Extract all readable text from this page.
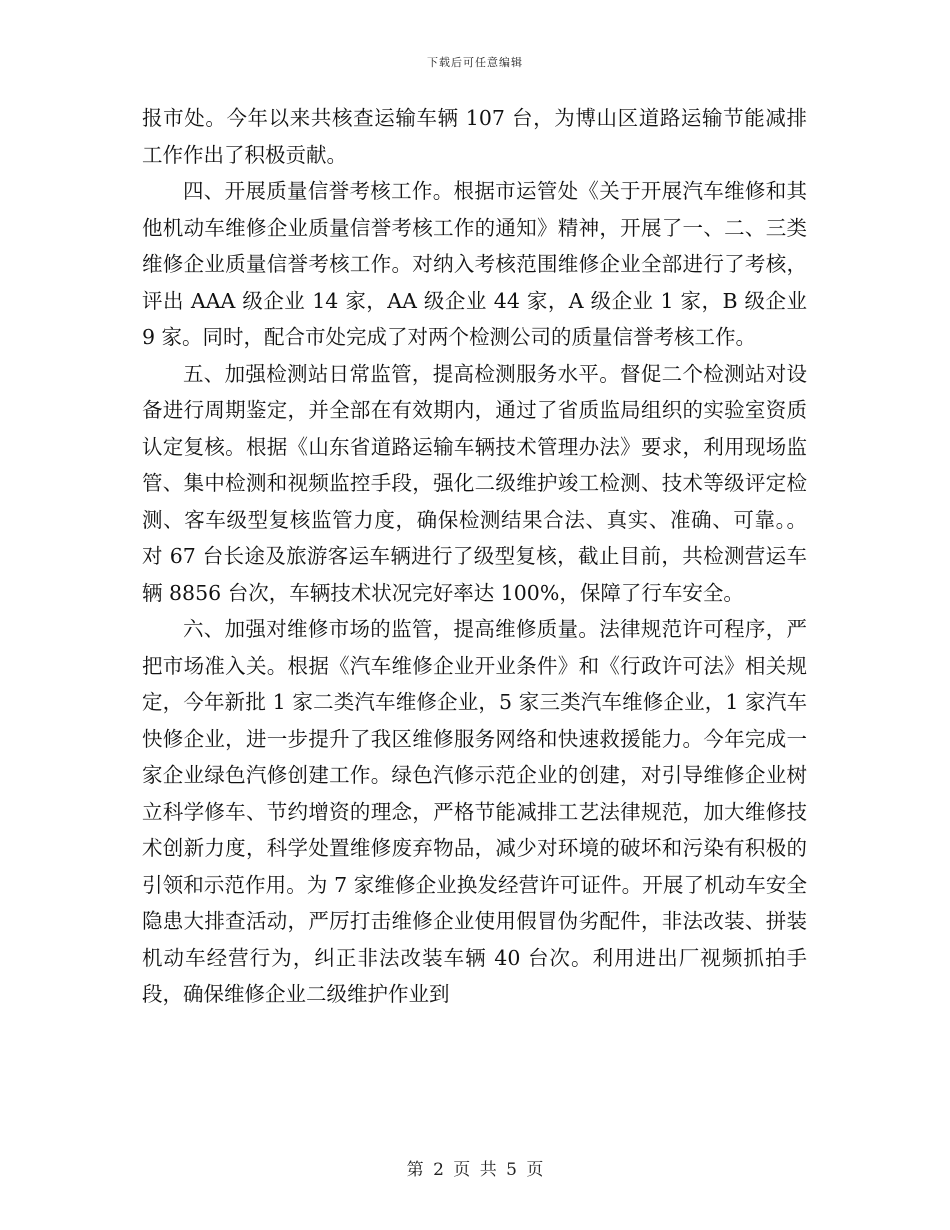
下载后可任意编辑

报市处。今年以来共核查运输车辆 107 台，为博山区道路运输节能减排工作作出了积极贡献。

四、开展质量信誉考核工作。根据市运管处《关于开展汽车维修和其他机动车维修企业质量信誉考核工作的通知》精神，开展了一、二、三类维修企业质量信誉考核工作。对纳入考核范围维修企业全部进行了考核，评出 AAA 级企业 14 家，AA 级企业 44 家，A 级企业 1 家，B 级企业 9 家。同时，配合市处完成了对两个检测公司的质量信誉考核工作。

五、加强检测站日常监管，提高检测服务水平。督促二个检测站对设备进行周期鉴定，并全部在有效期内，通过了省质监局组织的实验室资质认定复核。根据《山东省道路运输车辆技术管理办法》要求，利用现场监管、集中检测和视频监控手段，强化二级维护竣工检测、技术等级评定检测、客车级型复核监管力度，确保检测结果合法、真实、准确、可靠。。对 67 台长途及旅游客运车辆进行了级型复核，截止目前，共检测营运车辆 8856 台次，车辆技术状况完好率达 100%，保障了行车安全。

六、加强对维修市场的监管，提高维修质量。法律规范许可程序，严把市场准入关。根据《汽车维修企业开业条件》和《行政许可法》相关规定，今年新批 1 家二类汽车维修企业，5 家三类汽车维修企业，1 家汽车快修企业，进一步提升了我区维修服务网络和快速救援能力。今年完成一家企业绿色汽修创建工作。绿色汽修示范企业的创建，对引导维修企业树立科学修车、节约增资的理念，严格节能减排工艺法律规范，加大维修技术创新力度，科学处置维修废弃物品，减少对环境的破坏和污染有积极的引领和示范作用。为 7 家维修企业换发经营许可证件。开展了机动车安全隐患大排查活动，严厉打击维修企业使用假冒伪劣配件，非法改装、拼装机动车经营行为，纠正非法改装车辆 40 台次。利用进出厂视频抓拍手段，确保维修企业二级维护作业到

第 2 页 共 5 页
